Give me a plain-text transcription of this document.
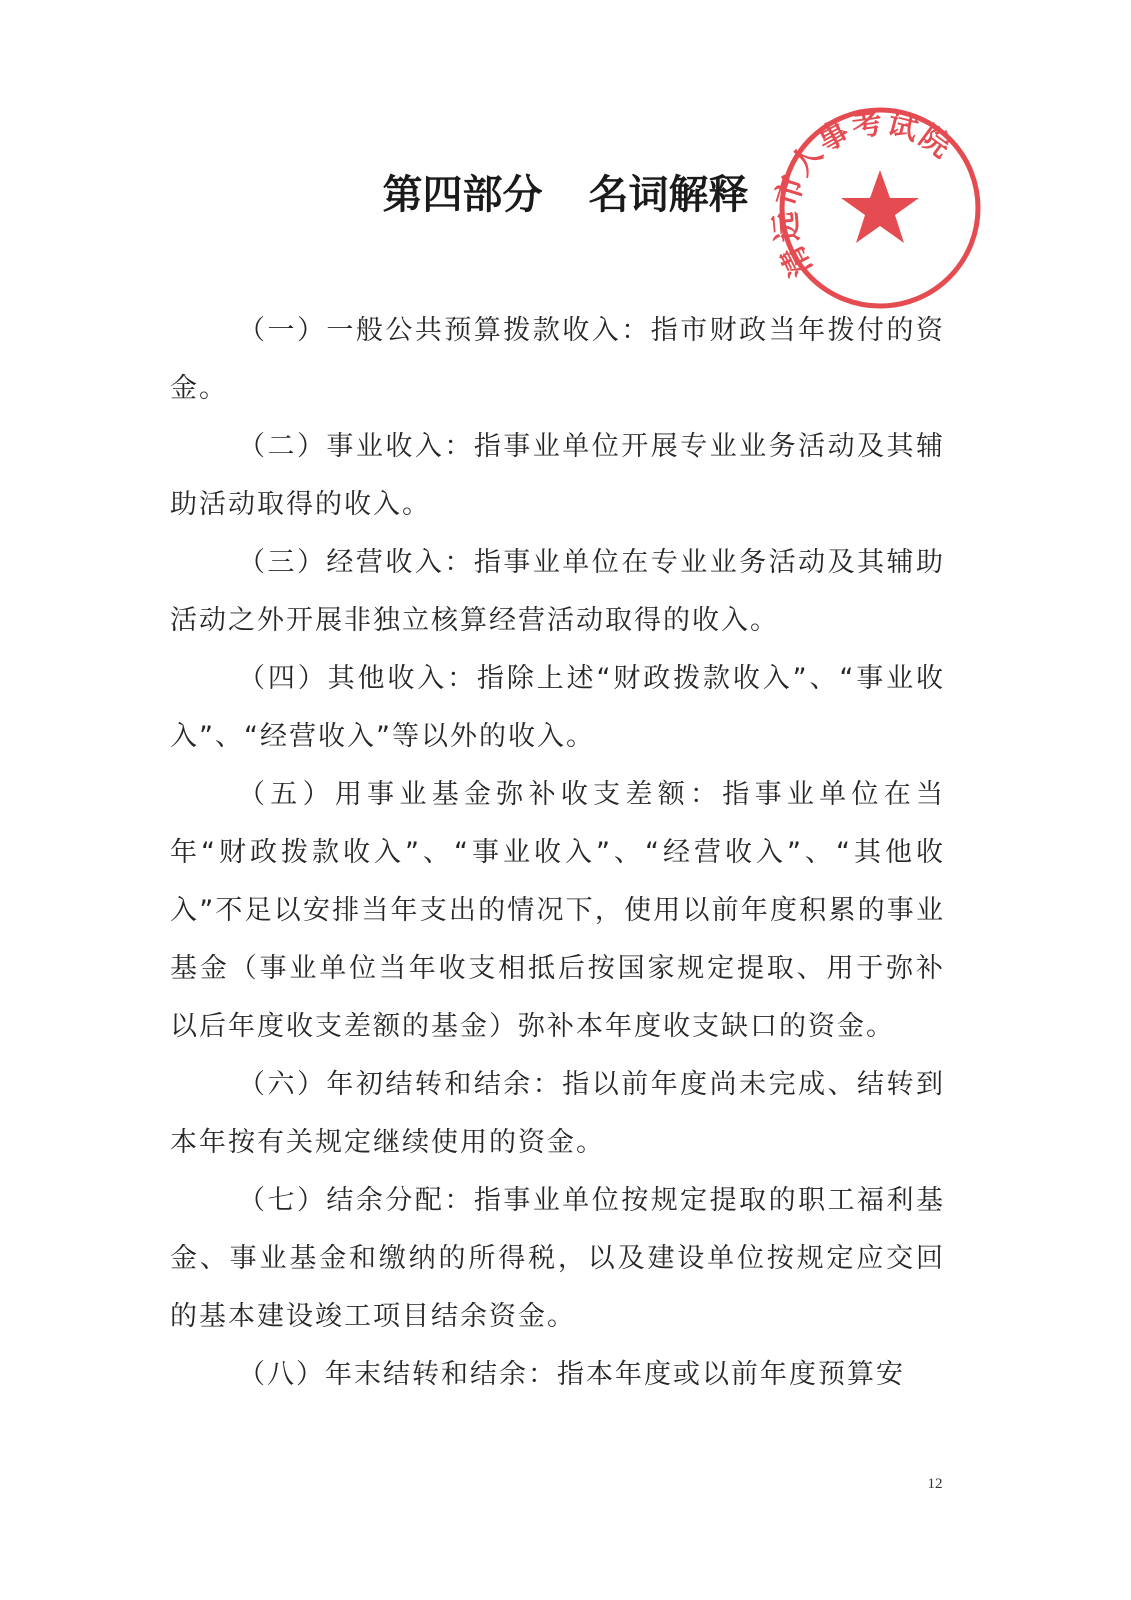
第四部分 名词解释
清远市人事考试院

（一）一般公共预算拨款收入：指市财政当年拨付的资金。

（二）事业收入：指事业单位开展专业业务活动及其辅助活动取得的收入。

（三）经营收入：指事业单位在专业业务活动及其辅助活动之外开展非独立核算经营活动取得的收入。

（四）其他收入：指除上述“财政拨款收入”、“事业收入”、“经营收入”等以外的收入。

（五）用事业基金弥补收支差额：指事业单位在当年“财政拨款收入”、“事业收入”、“经营收入”、“其他收入”不足以安排当年支出的情况下，使用以前年度积累的事业基金（事业单位当年收支相抵后按国家规定提取、用于弥补以后年度收支差额的基金）弥补本年度收支缺口的资金。

（六）年初结转和结余：指以前年度尚未完成、结转到本年按有关规定继续使用的资金。

（七）结余分配：指事业单位按规定提取的职工福利基金、事业基金和缴纳的所得税，以及建设单位按规定应交回的基本建设竣工项目结余资金。

（八）年末结转和结余：指本年度或以前年度预算安

12
